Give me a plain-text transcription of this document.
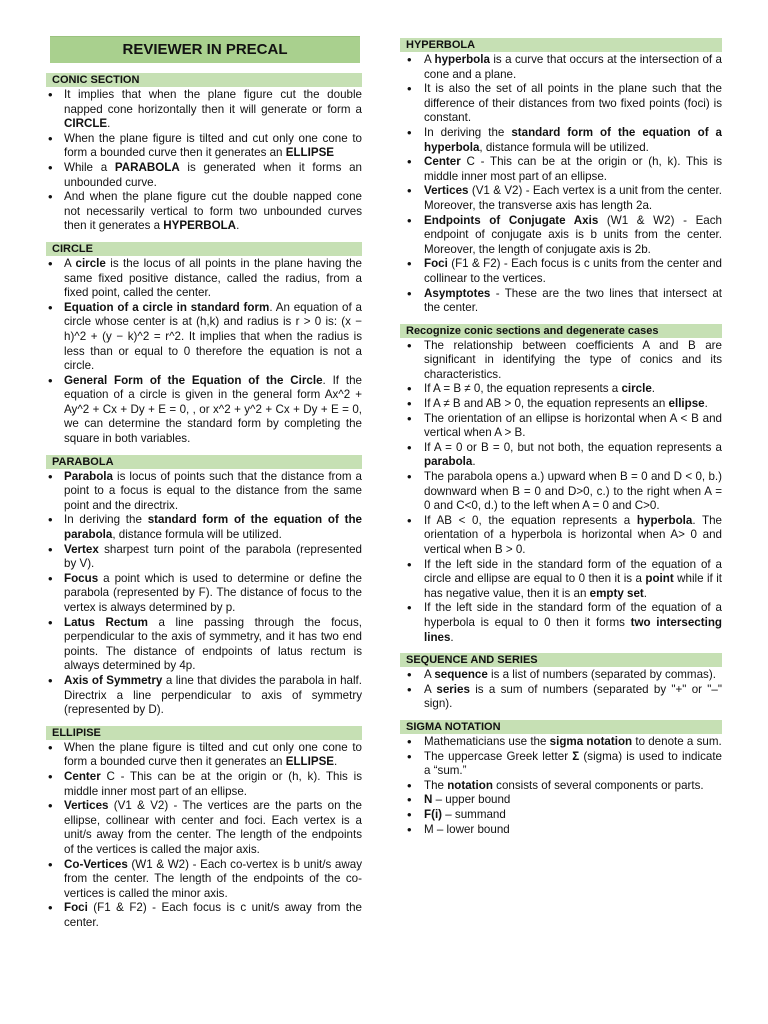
REVIEWER IN PRECAL
CONIC SECTION
• It implies that when the plane figure cut the double napped cone horizontally then it will generate or form a CIRCLE.
• When the plane figure is tilted and cut only one cone to form a bounded curve then it generates an ELLIPSE
• While a PARABOLA is generated when it forms an unbounded curve.
• And when the plane figure cut the double napped cone not necessarily vertical to form two unbounded curves then it generates a HYPERBOLA.
CIRCLE
• A circle is the locus of all points in the plane having the same fixed positive distance, called the radius, from a fixed point, called the center.
• Equation of a circle in standard form. An equation of a circle whose center is at (h,k) and radius is r > 0 is: (x − h)^2 + (y − k)^2 = r^2. It implies that when the radius is less than or equal to 0 therefore the equation is not a circle.
• General Form of the Equation of the Circle. If the equation of a circle is given in the general form Ax^2 + Ay^2 + Cx + Dy + E = 0, , or x^2 + y^2 + Cx + Dy + E = 0, we can determine the standard form by completing the square in both variables.
PARABOLA
• Parabola is locus of points such that the distance from a point to a focus is equal to the distance from the same point and the directrix.
• In deriving the standard form of the equation of the parabola, distance formula will be utilized.
• Vertex sharpest turn point of the parabola (represented by V).
• Focus a point which is used to determine or define the parabola (represented by F). The distance of focus to the vertex is always determined by p.
• Latus Rectum a line passing through the focus, perpendicular to the axis of symmetry, and it has two end points. The distance of endpoints of latus rectum is always determined by 4p.
• Axis of Symmetry a line that divides the parabola in half. Directrix a line perpendicular to axis of symmetry (represented by D).
ELLIPISE
• When the plane figure is tilted and cut only one cone to form a bounded curve then it generates an ELLIPSE.
• Center C - This can be at the origin or (h, k). This is middle inner most part of an ellipse.
• Vertices (V1 & V2) - The vertices are the parts on the ellipse, collinear with center and foci. Each vertex is a unit/s away from the center. The length of the endpoints of the vertices is called the major axis.
• Co-Vertices (W1 & W2) - Each co-vertex is b unit/s away from the center. The length of the endpoints of the co-vertices is called the minor axis.
• Foci (F1 & F2) - Each focus is c unit/s away from the center.
HYPERBOLA
• A hyperbola is a curve that occurs at the intersection of a cone and a plane.
• It is also the set of all points in the plane such that the difference of their distances from two fixed points (foci) is constant.
• In deriving the standard form of the equation of a hyperbola, distance formula will be utilized.
• Center C - This can be at the origin or (h, k). This is middle inner most part of an ellipse.
• Vertices (V1 & V2) - Each vertex is a unit from the center. Moreover, the transverse axis has length 2a.
• Endpoints of Conjugate Axis (W1 & W2) - Each endpoint of conjugate axis is b units from the center. Moreover, the length of conjugate axis is 2b.
• Foci (F1 & F2) - Each focus is c units from the center and collinear to the vertices.
• Asymptotes - These are the two lines that intersect at the center.
Recognize conic sections and degenerate cases
• The relationship between coefficients A and B are significant in identifying the type of conics and its characteristics.
• If A = B ≠ 0, the equation represents a circle.
• If A ≠ B and AB > 0, the equation represents an ellipse.
• The orientation of an ellipse is horizontal when A < B and vertical when A > B.
• If A = 0 or B = 0, but not both, the equation represents a parabola.
• The parabola opens a.) upward when B = 0 and D < 0, b.) downward when B = 0 and D>0, c.) to the right when A = 0 and C<0, d.) to the left when A = 0 and C>0.
• If AB < 0, the equation represents a hyperbola. The orientation of a hyperbola is horizontal when A> 0 and vertical when B > 0.
• If the left side in the standard form of the equation of a circle and ellipse are equal to 0 then it is a point while if it has negative value, then it is an empty set.
• If the left side in the standard form of the equation of a hyperbola is equal to 0 then it forms two intersecting lines.
SEQUENCE AND SERIES
• A sequence is a list of numbers (separated by commas).
• A series is a sum of numbers (separated by "+" or "–" sign).
SIGMA NOTATION
• Mathematicians use the sigma notation to denote a sum.
• The uppercase Greek letter Σ (sigma) is used to indicate a “sum.”
• The notation consists of several components or parts.
• N – upper bound
• F(i) – summand
• M – lower bound
